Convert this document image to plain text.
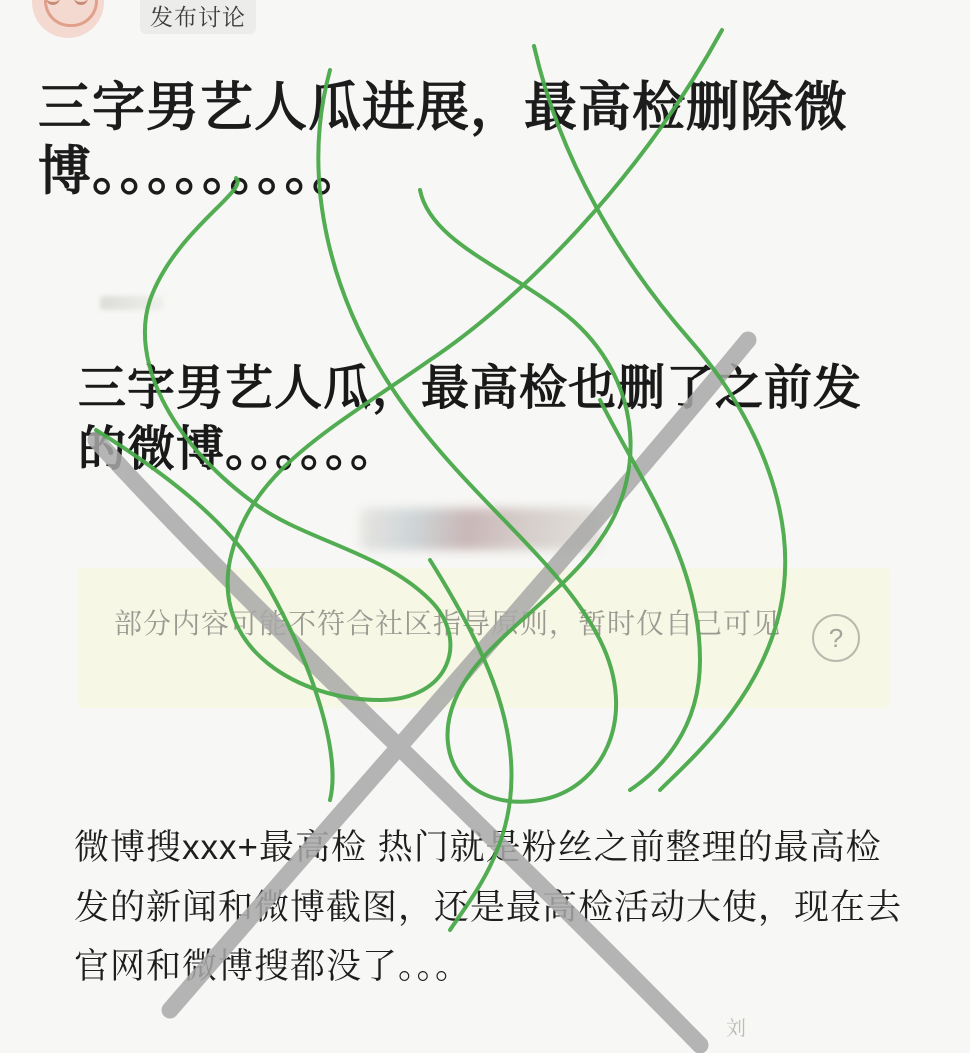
发布讨论
三字男艺人瓜进展，最高检删除微博。。。。。。。。。
三字男艺人瓜，最高检也删了之前发的微博。。。。。。
部分内容可能不符合社区指导原则，暂时仅自己可见	?
微博搜xxx+最高检 热门就是粉丝之前整理的最高检发的新闻和微博截图，还是最高检活动大使，现在去官网和微博搜都没了。。。
刘
